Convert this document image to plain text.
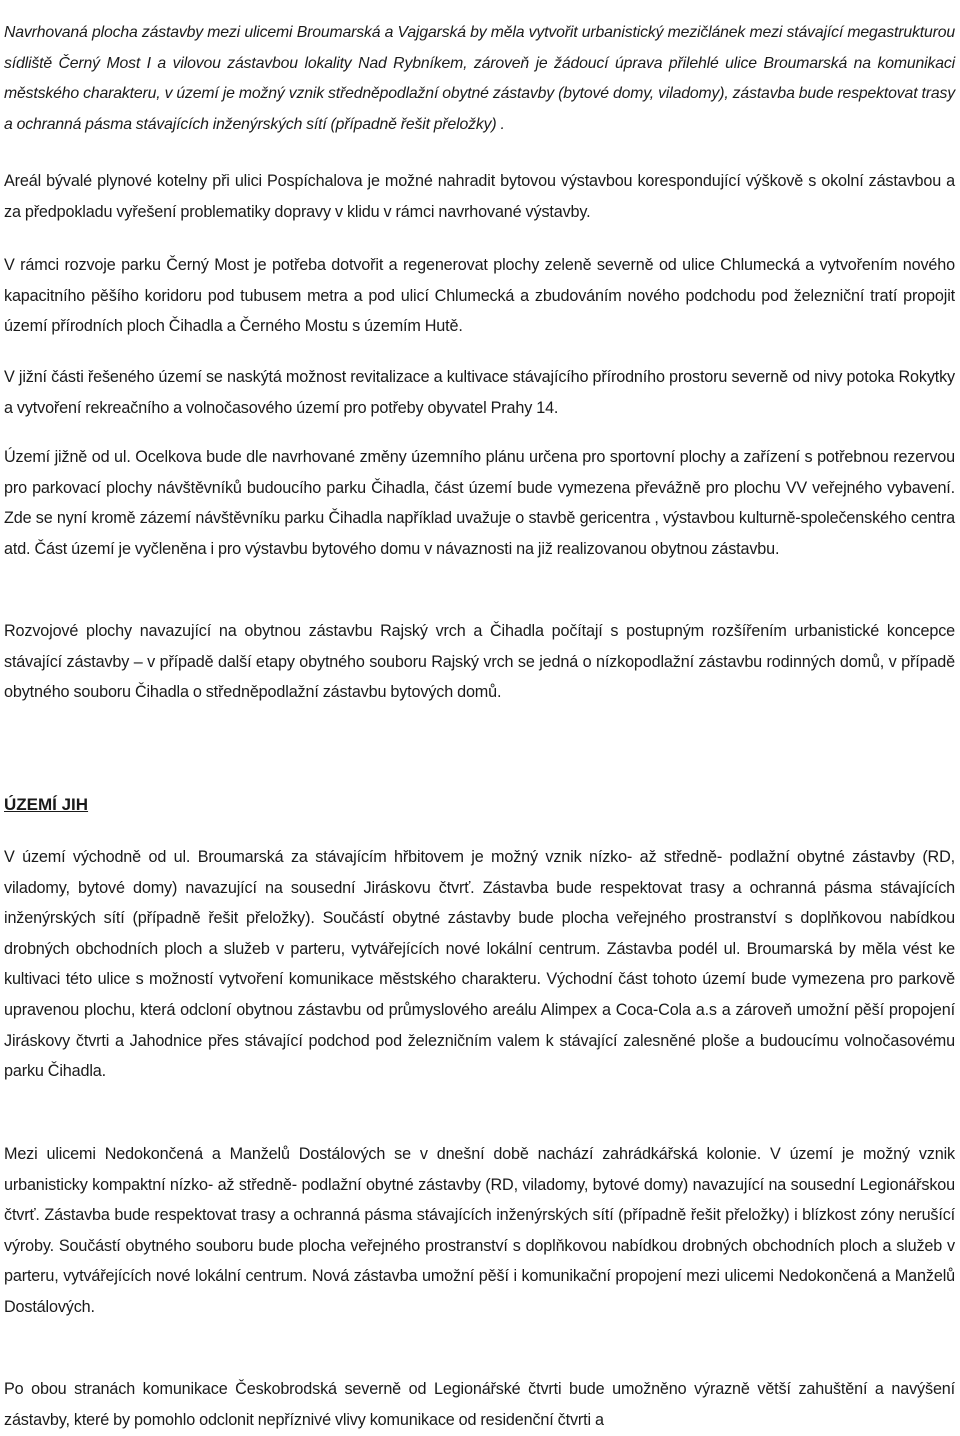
Navrhovaná plocha zástavby mezi ulicemi Broumarská a Vajgarská by měla vytvořit urbanistický mezičlánek mezi stávající megastrukturou sídliště Černý Most I a vilovou zástavbou lokality Nad Rybníkem, zároveň je žádoucí úprava přilehlé ulice Broumarská na komunikaci městského charakteru, v území je možný vznik středněpodlažní obytné zástavby (bytové domy, viladomy), zástavba bude respektovat trasy a ochranná pásma stávajících inženýrských sítí (případně řešit přeložky) .

Areál bývalé plynové kotelny při ulici Pospíchalova je možné nahradit bytovou výstavbou korespondující výškově s okolní zástavbou a za předpokladu vyřešení problematiky dopravy v klidu v rámci navrhované výstavby.

V rámci rozvoje parku Černý Most je potřeba dotvořit a regenerovat plochy zeleně severně od ulice Chlumecká a vytvořením nového kapacitního pěšího koridoru pod tubusem metra a pod ulicí Chlumecká a zbudováním nového podchodu pod železniční tratí propojit území přírodních ploch Čihadla a Černého Mostu s územím Hutě.

V jižní části řešeného území se naskýtá možnost revitalizace a kultivace stávajícího přírodního prostoru severně od nivy potoka Rokytky a vytvoření rekreačního a volnočasového území pro potřeby obyvatel Prahy 14.

Území jižně od ul. Ocelkova bude dle navrhované změny územního plánu určena pro sportovní plochy a zařízení s potřebnou rezervou pro parkovací plochy návštěvníků budoucího parku Čihadla, část území bude vymezena převážně pro plochu VV veřejného vybavení. Zde se nyní kromě zázemí návštěvníku parku Čihadla například uvažuje o stavbě gericentra , výstavbou kulturně-společenského centra atd. Část území je vyčleněna i pro výstavbu bytového domu v návaznosti na již realizovanou obytnou zástavbu.

Rozvojové plochy navazující na obytnou zástavbu Rajský vrch a Čihadla počítají s postupným rozšířením urbanistické koncepce stávající zástavby – v případě další etapy obytného souboru Rajský vrch se jedná o nízkopodlažní zástavbu rodinných domů, v případě obytného souboru Čihadla o středněpodlažní zástavbu bytových domů.

ÚZEMÍ JIH

V území východně od ul. Broumarská za stávajícím hřbitovem je možný vznik nízko- až středně- podlažní obytné zástavby (RD, viladomy, bytové domy) navazující na sousední Jiráskovu čtvrť. Zástavba bude respektovat trasy a ochranná pásma stávajících inženýrských sítí (případně řešit přeložky). Součástí obytné zástavby bude plocha veřejného prostranství s doplňkovou nabídkou drobných obchodních ploch a služeb v parteru, vytvářejících nové lokální centrum. Zástavba podél ul. Broumarská by měla vést ke kultivaci této ulice s možností vytvoření komunikace městského charakteru. Východní část tohoto území bude vymezena pro parkově upravenou plochu, která odcloní obytnou zástavbu od průmyslového areálu Alimpex a Coca-Cola a.s a zároveň umožní pěší propojení Jiráskovy čtvrti a Jahodnice přes stávající podchod pod železničním valem k stávající zalesněné ploše a budoucímu volnočasovému parku Čihadla.

Mezi ulicemi Nedokončená a Manželů Dostálových se v dnešní době nachází zahrádkářská kolonie. V území je možný vznik urbanisticky kompaktní nízko- až středně- podlažní obytné zástavby (RD, viladomy, bytové domy) navazující na sousední Legionářskou čtvrť. Zástavba bude respektovat trasy a ochranná pásma stávajících inženýrských sítí (případně řešit přeložky) i blízkost zóny nerušící výroby. Součástí obytného souboru bude plocha veřejného prostranství s doplňkovou nabídkou drobných obchodních ploch a služeb v parteru, vytvářejících nové lokální centrum. Nová zástavba umožní pěší i komunikační propojení mezi ulicemi Nedokončená a Manželů Dostálových.

Po obou stranách komunikace Českobrodská severně od Legionářské čtvrti bude umožněno výrazně větší zahuštění a navýšení zástavby, které by pomohlo odclonit nepříznivé vlivy komunikace od residenční čtvrti a
